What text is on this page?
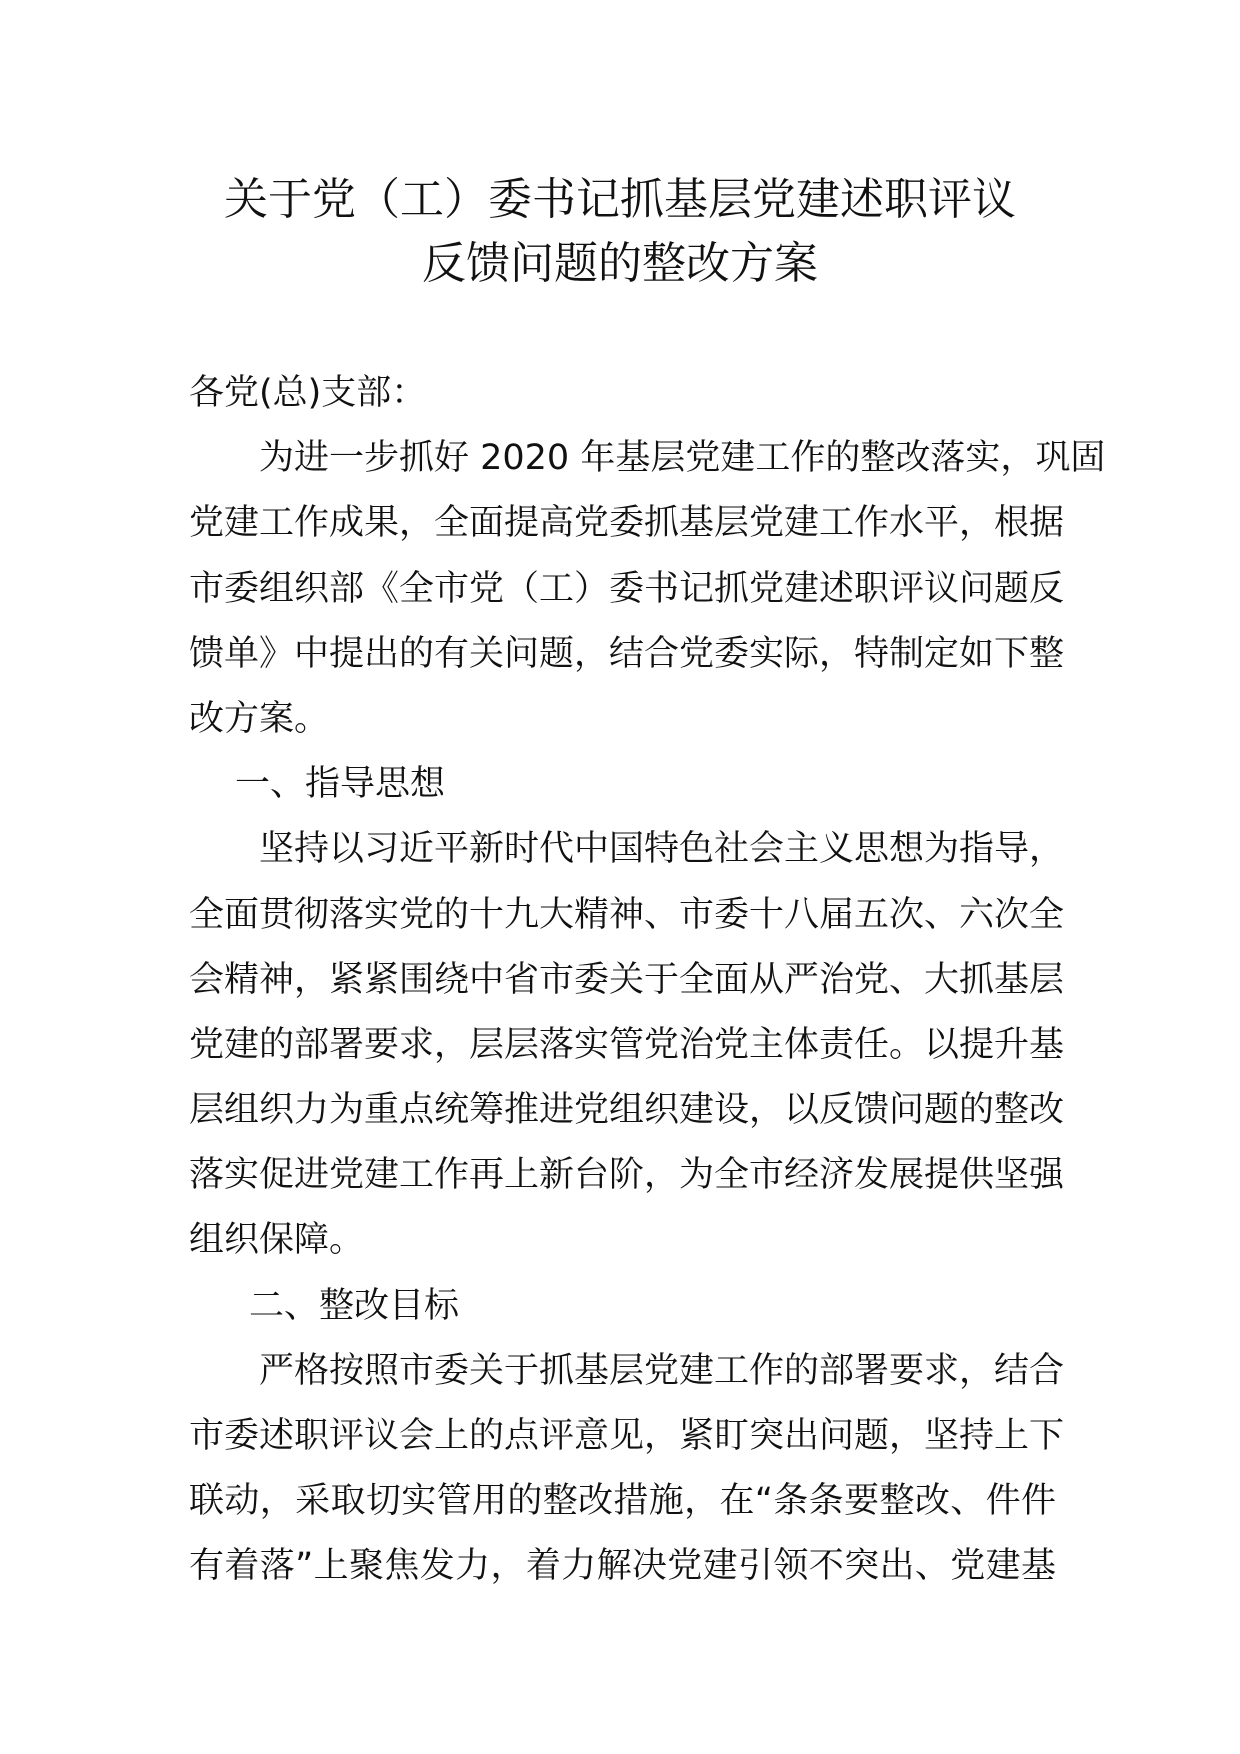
关于党（工）委书记抓基层党建述职评议
反馈问题的整改方案
各党(总)支部：
为进一步抓好 2020 年基层党建工作的整改落实，巩固
党建工作成果，全面提高党委抓基层党建工作水平，根据
市委组织部《全市党（工）委书记抓党建述职评议问题反
馈单》中提出的有关问题，结合党委实际，特制定如下整
改方案。
一、指导思想
坚持以习近平新时代中国特色社会主义思想为指导，
全面贯彻落实党的十九大精神、市委十八届五次、六次全
会精神，紧紧围绕中省市委关于全面从严治党、大抓基层
党建的部署要求，层层落实管党治党主体责任。以提升基
层组织力为重点统筹推进党组织建设，以反馈问题的整改
落实促进党建工作再上新台阶，为全市经济发展提供坚强
组织保障。
二、整改目标
严格按照市委关于抓基层党建工作的部署要求，结合
市委述职评议会上的点评意见，紧盯突出问题，坚持上下
联动，采取切实管用的整改措施，在“条条要整改、件件
有着落”上聚焦发力，着力解决党建引领不突出、党建基
